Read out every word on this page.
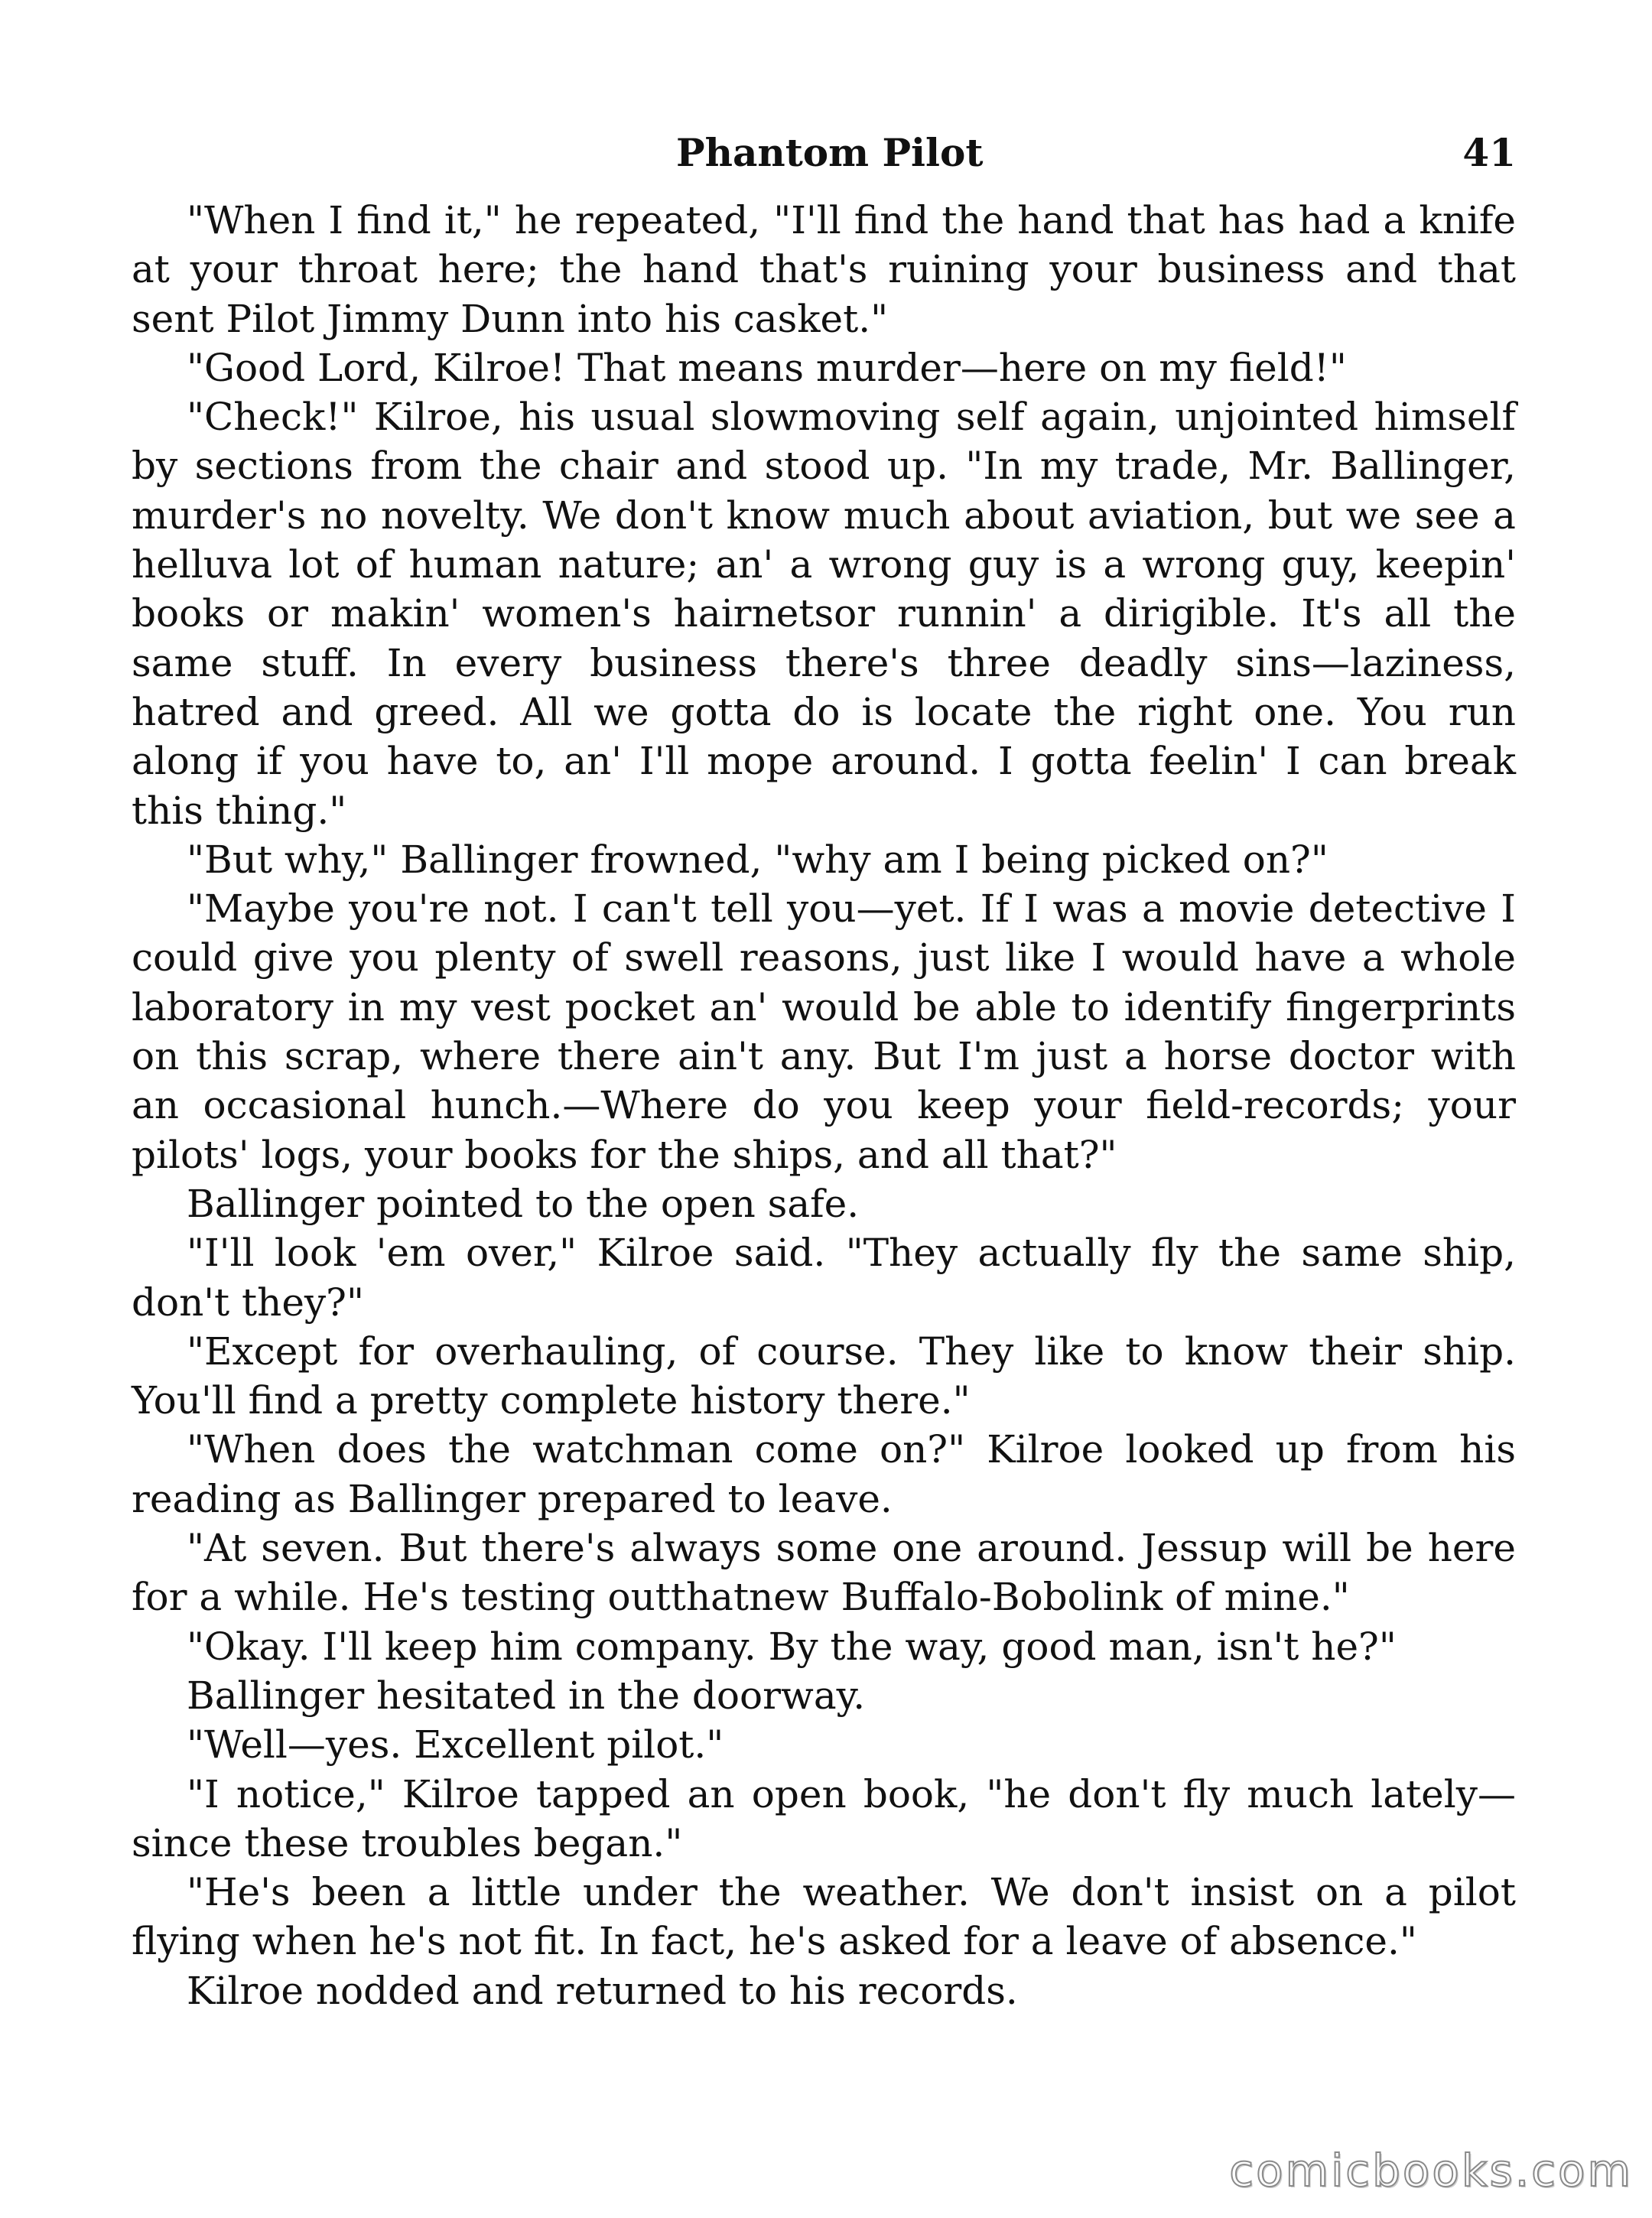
Phantom Pilot	41

"When I find it," he repeated, "I'll find the hand that has had a knife at your throat here; the hand that's ruining your business and that sent Pilot Jimmy Dunn into his casket."

"Good Lord, Kilroe! That means murder—here on my field!"

"Check!" Kilroe, his usual slowmoving self again, unjointed himself by sections from the chair and stood up. "In my trade, Mr. Ballinger, murder's no novelty. We don't know much about aviation, but we see a helluva lot of human nature; an' a wrong guy is a wrong guy, keepin' books or makin' women's hairnetsor runnin' a dirigible. It's all the same stuff. In every business there's three deadly sins—laziness, hatred and greed. All we gotta do is locate the right one. You run along if you have to, an' I'll mope around. I gotta feelin' I can break this thing."

"But why," Ballinger frowned, "why am I being picked on?"

"Maybe you're not. I can't tell you—yet. If I was a movie detective I could give you plenty of swell reasons, just like I would have a whole laboratory in my vest pocket an' would be able to identify fingerprints on this scrap, where there ain't any. But I'm just a horse doctor with an occasional hunch.—Where do you keep your field-records; your pilots' logs, your books for the ships, and all that?"

Ballinger pointed to the open safe.

"I'll look 'em over," Kilroe said. "They actually fly the same ship, don't they?"

"Except for overhauling, of course. They like to know their ship. You'll find a pretty complete history there."

"When does the watchman come on?" Kilroe looked up from his reading as Ballinger prepared to leave.

"At seven. But there's always some one around. Jessup will be here for a while. He's testing outthatnew Buffalo-Bobolink of mine."

"Okay. I'll keep him company. By the way, good man, isn't he?"

Ballinger hesitated in the doorway.

"Well—yes. Excellent pilot."

"I notice," Kilroe tapped an open book, "he don't fly much lately—since these troubles began."

"He's been a little under the weather. We don't insist on a pilot flying when he's not fit. In fact, he's asked for a leave of absence."

Kilroe nodded and returned to his records.

comicbooks.com
